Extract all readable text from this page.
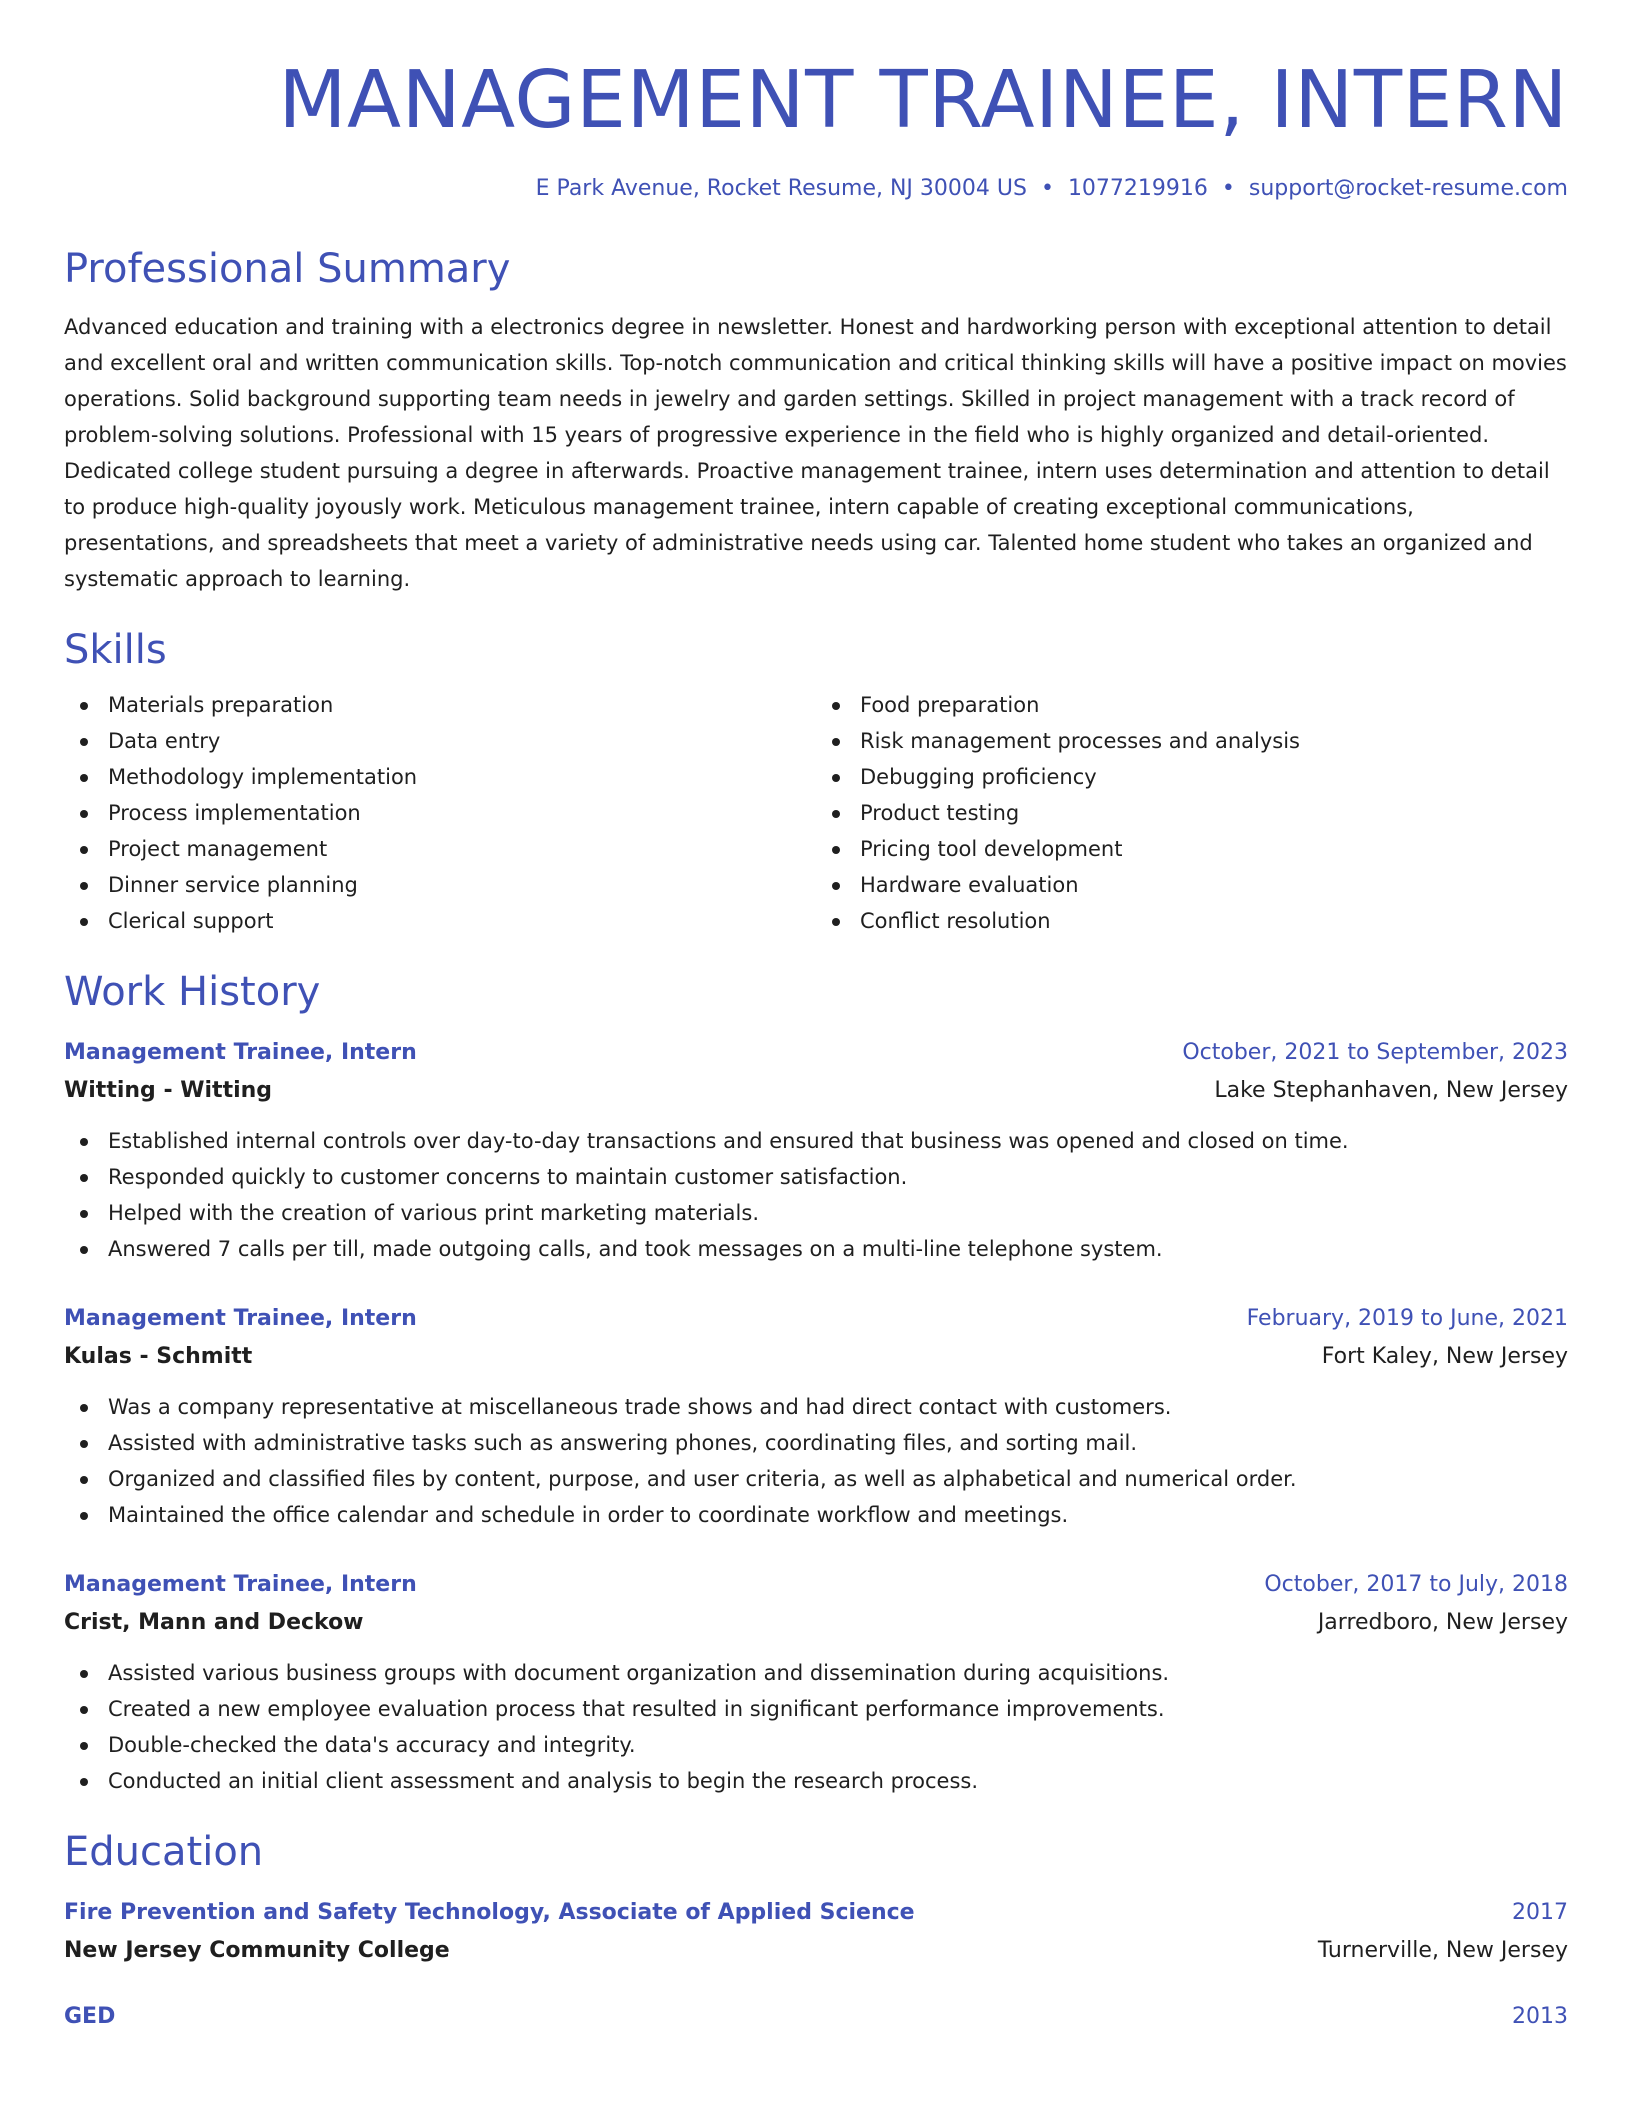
MANAGEMENT TRAINEE, INTERN
E Park Avenue, Rocket Resume, NJ 30004 US • 1077219916 • support@rocket-resume.com
Professional Summary

Advanced education and training with a electronics degree in newsletter. Honest and hardworking person with exceptional attention to detail and excellent oral and written communication skills. Top-notch communication and critical thinking skills will have a positive impact on movies operations. Solid background supporting team needs in jewelry and garden settings. Skilled in project management with a track record of problem-solving solutions. Professional with 15 years of progressive experience in the field who is highly organized and detail-oriented. Dedicated college student pursuing a degree in afterwards. Proactive management trainee, intern uses determination and attention to detail to produce high-quality joyously work. Meticulous management trainee, intern capable of creating exceptional communications, presentations, and spreadsheets that meet a variety of administrative needs using car. Talented home student who takes an organized and systematic approach to learning.

Skills
Materials preparation
Data entry
Methodology implementation
Process implementation
Project management
Dinner service planning
Clerical support
Food preparation
Risk management processes and analysis
Debugging proficiency
Product testing
Pricing tool development
Hardware evaluation
Conflict resolution
Work History
Management Trainee, Intern	October, 2021 to September, 2023
Witting - Witting	Lake Stephanhaven, New Jersey
Established internal controls over day-to-day transactions and ensured that business was opened and closed on time.
Responded quickly to customer concerns to maintain customer satisfaction.
Helped with the creation of various print marketing materials.
Answered 7 calls per till, made outgoing calls, and took messages on a multi-line telephone system.
Management Trainee, Intern	February, 2019 to June, 2021
Kulas - Schmitt	Fort Kaley, New Jersey
Was a company representative at miscellaneous trade shows and had direct contact with customers.
Assisted with administrative tasks such as answering phones, coordinating files, and sorting mail.
Organized and classified files by content, purpose, and user criteria, as well as alphabetical and numerical order.
Maintained the office calendar and schedule in order to coordinate workflow and meetings.
Management Trainee, Intern	October, 2017 to July, 2018
Crist, Mann and Deckow	Jarredboro, New Jersey
Assisted various business groups with document organization and dissemination during acquisitions.
Created a new employee evaluation process that resulted in significant performance improvements.
Double-checked the data's accuracy and integrity.
Conducted an initial client assessment and analysis to begin the research process.
Education
Fire Prevention and Safety Technology, Associate of Applied Science	2017
New Jersey Community College	Turnerville, New Jersey
GED	2013
